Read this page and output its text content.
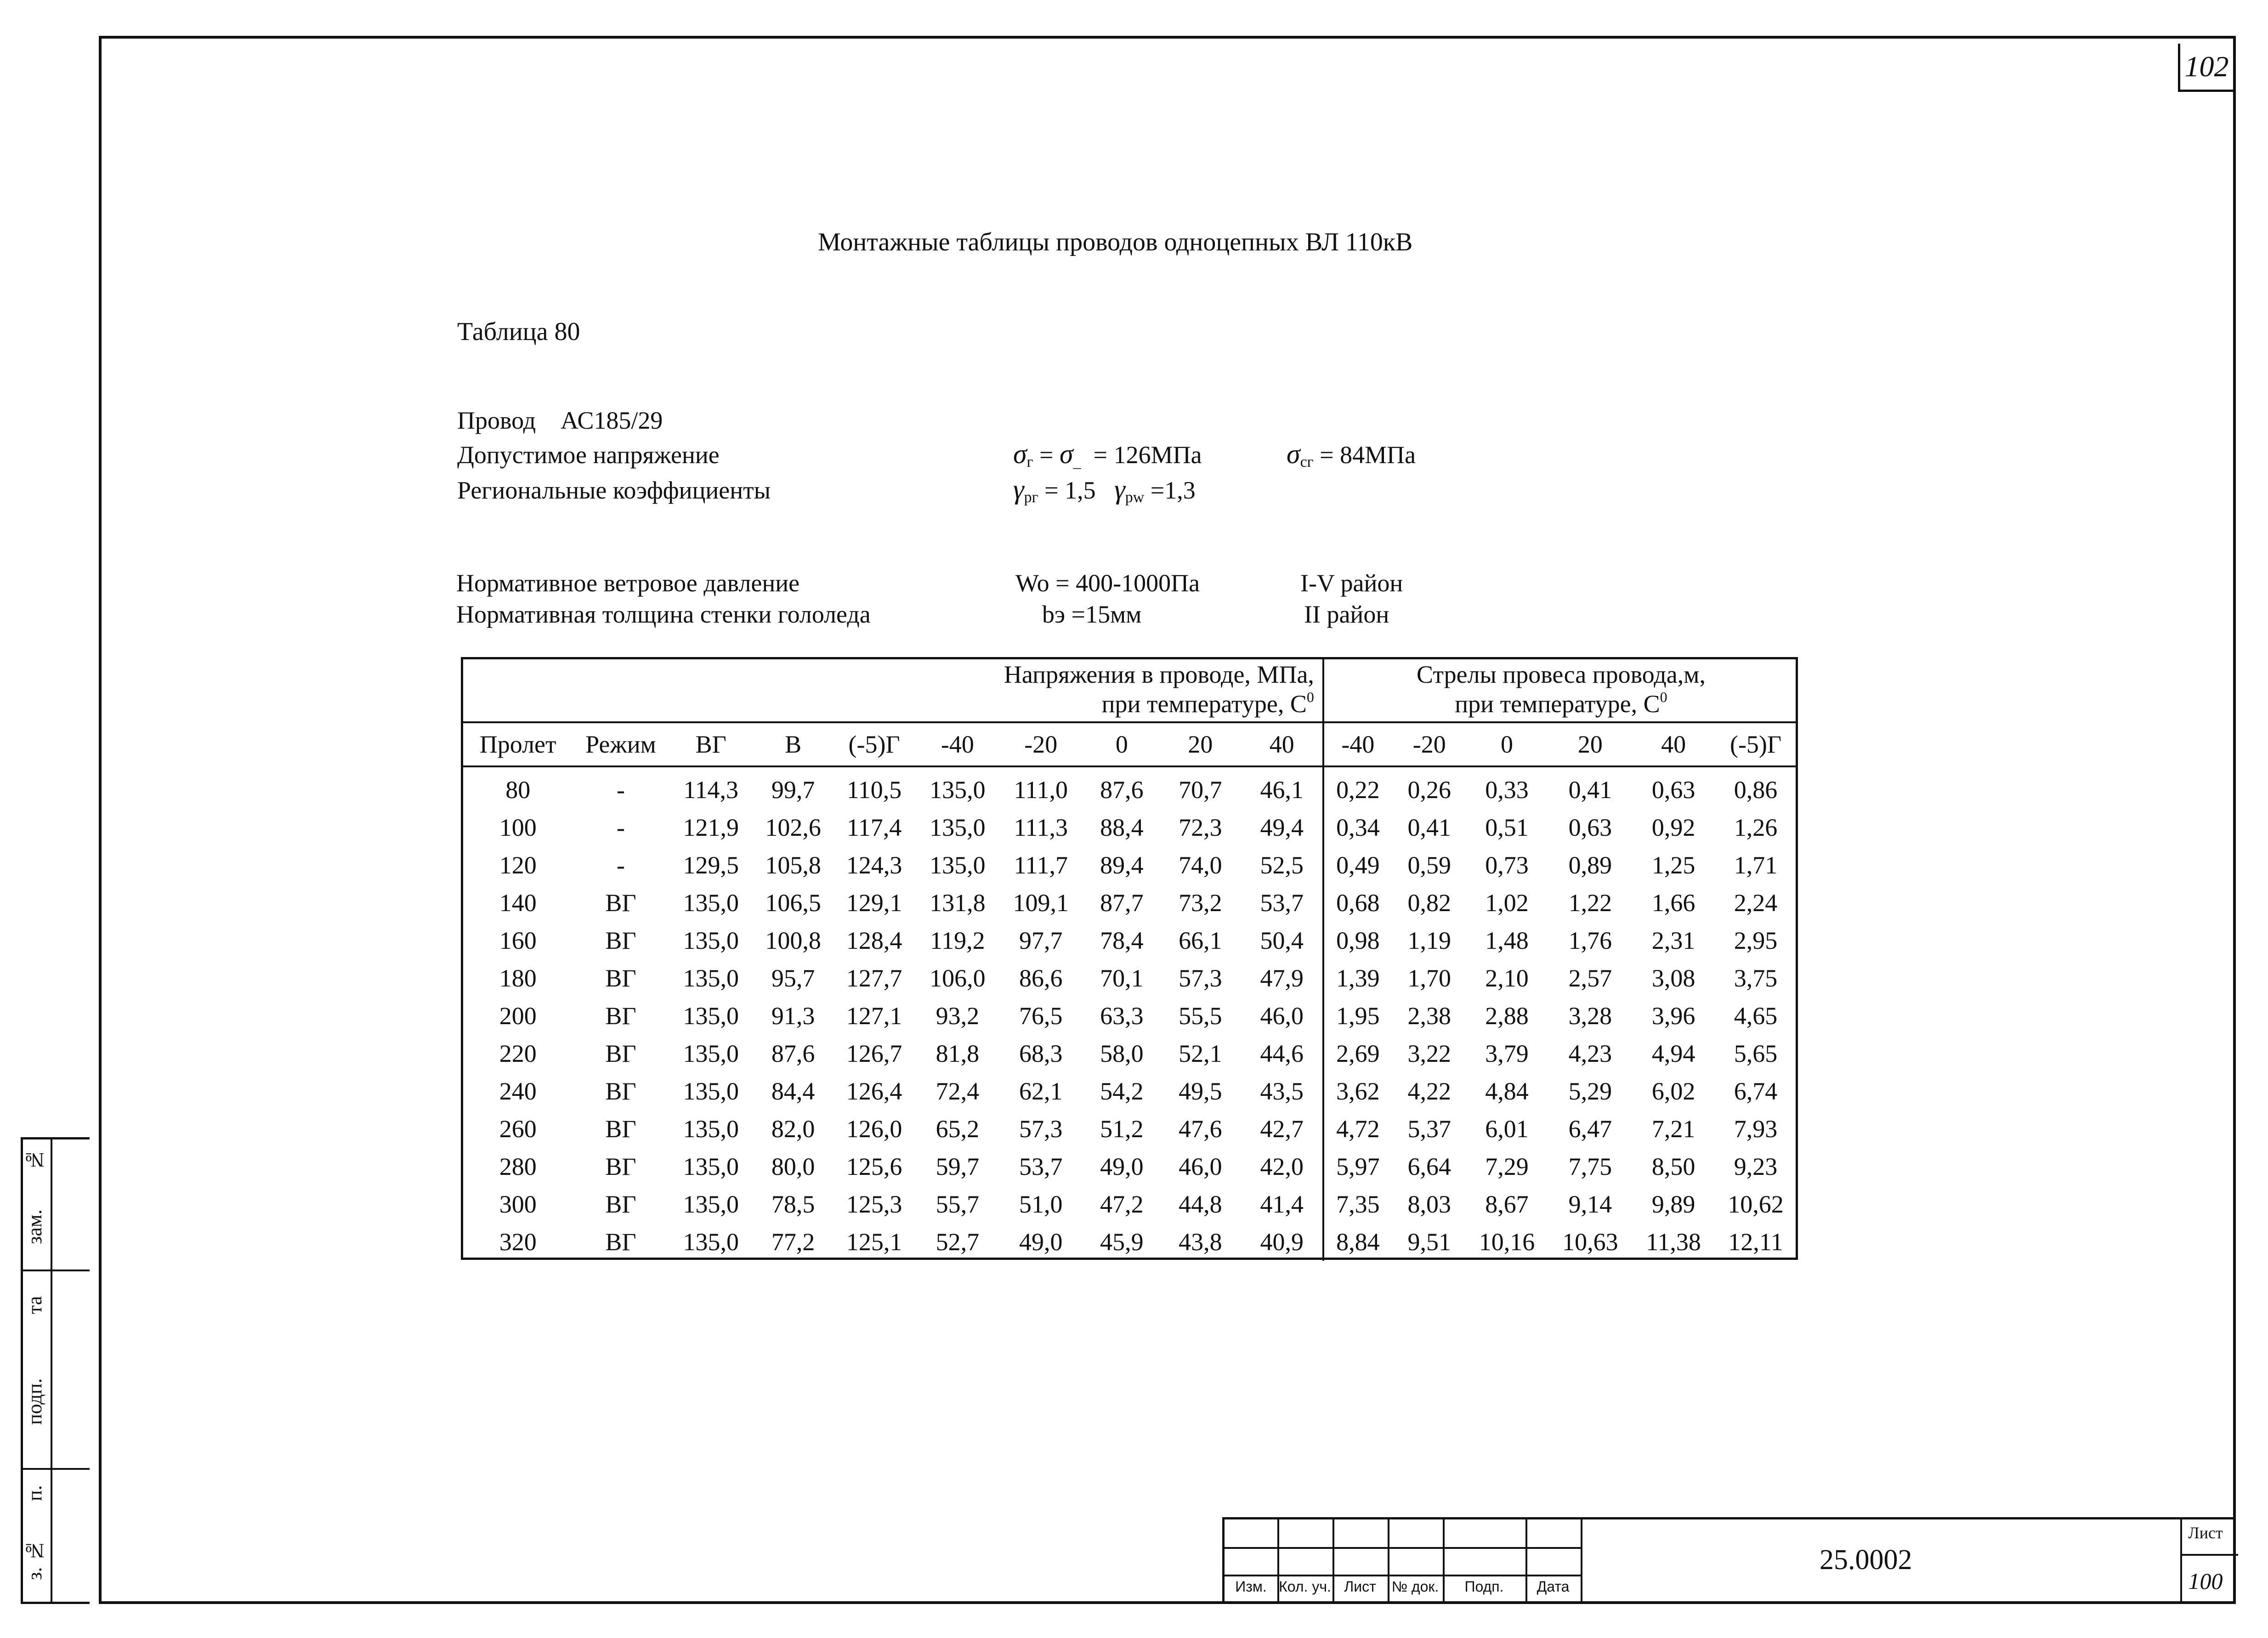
102
Монтажные таблицы проводов одноцепных ВЛ 110кВ
Таблица 80
Провод АС185/29
Допустимое напряжение	$\sigma_г = \sigma_{\_} = 126МПа$	$\sigma_{cг} = 84МПа$
Региональные коэффициенты	$\gamma_{рг} = 1,5$ $\gamma_{рw} =1,3$
Нормативное ветровое давление	Wo = 400-1000Па	I-V район
Нормативная толщина стенки гололеда	bэ =15мм	II район
Напряжения в проводе, МПа,
при температуре, $С^0$										Стрелы провеса провода,м,
при температуре, $С^0$
Пролет	Режим	ВГ	В	(-5)Г	-40	-20	0	20	40	-40	-20	0	20	40	(-5)Г
80	-	114,3	99,7	110,5	135,0	111,0	87,6	70,7	46,1	0,22	0,26	0,33	0,41	0,63	0,86
100	-	121,9	102,6	117,4	135,0	111,3	88,4	72,3	49,4	0,34	0,41	0,51	0,63	0,92	1,26
120	-	129,5	105,8	124,3	135,0	111,7	89,4	74,0	52,5	0,49	0,59	0,73	0,89	1,25	1,71
140	ВГ	135,0	106,5	129,1	131,8	109,1	87,7	73,2	53,7	0,68	0,82	1,02	1,22	1,66	2,24
160	ВГ	135,0	100,8	128,4	119,2	97,7	78,4	66,1	50,4	0,98	1,19	1,48	1,76	2,31	2,95
180	ВГ	135,0	95,7	127,7	106,0	86,6	70,1	57,3	47,9	1,39	1,70	2,10	2,57	3,08	3,75
200	ВГ	135,0	91,3	127,1	93,2	76,5	63,3	55,5	46,0	1,95	2,38	2,88	3,28	3,96	4,65
220	ВГ	135,0	87,6	126,7	81,8	68,3	58,0	52,1	44,6	2,69	3,22	3,79	4,23	4,94	5,65
240	ВГ	135,0	84,4	126,4	72,4	62,1	54,2	49,5	43,5	3,62	4,22	4,84	5,29	6,02	6,74
260	ВГ	135,0	82,0	126,0	65,2	57,3	51,2	47,6	42,7	4,72	5,37	6,01	6,47	7,21	7,93
280	ВГ	135,0	80,0	125,6	59,7	53,7	49,0	46,0	42,0	5,97	6,64	7,29	7,75	8,50	9,23
300	ВГ	135,0	78,5	125,3	55,7	51,0	47,2	44,8	41,4	7,35	8,03	8,67	9,14	9,89	10,62
320	ВГ	135,0	77,2	125,1	52,7	49,0	45,9	43,8	40,9	8,84	9,51	10,16	10,63	11,38	12,11
№
зам.
подп.
та
п.
з. №
Изм. Кол. уч. Лист	№ док.	Подп.	Дата
25.0002
Лист
100
